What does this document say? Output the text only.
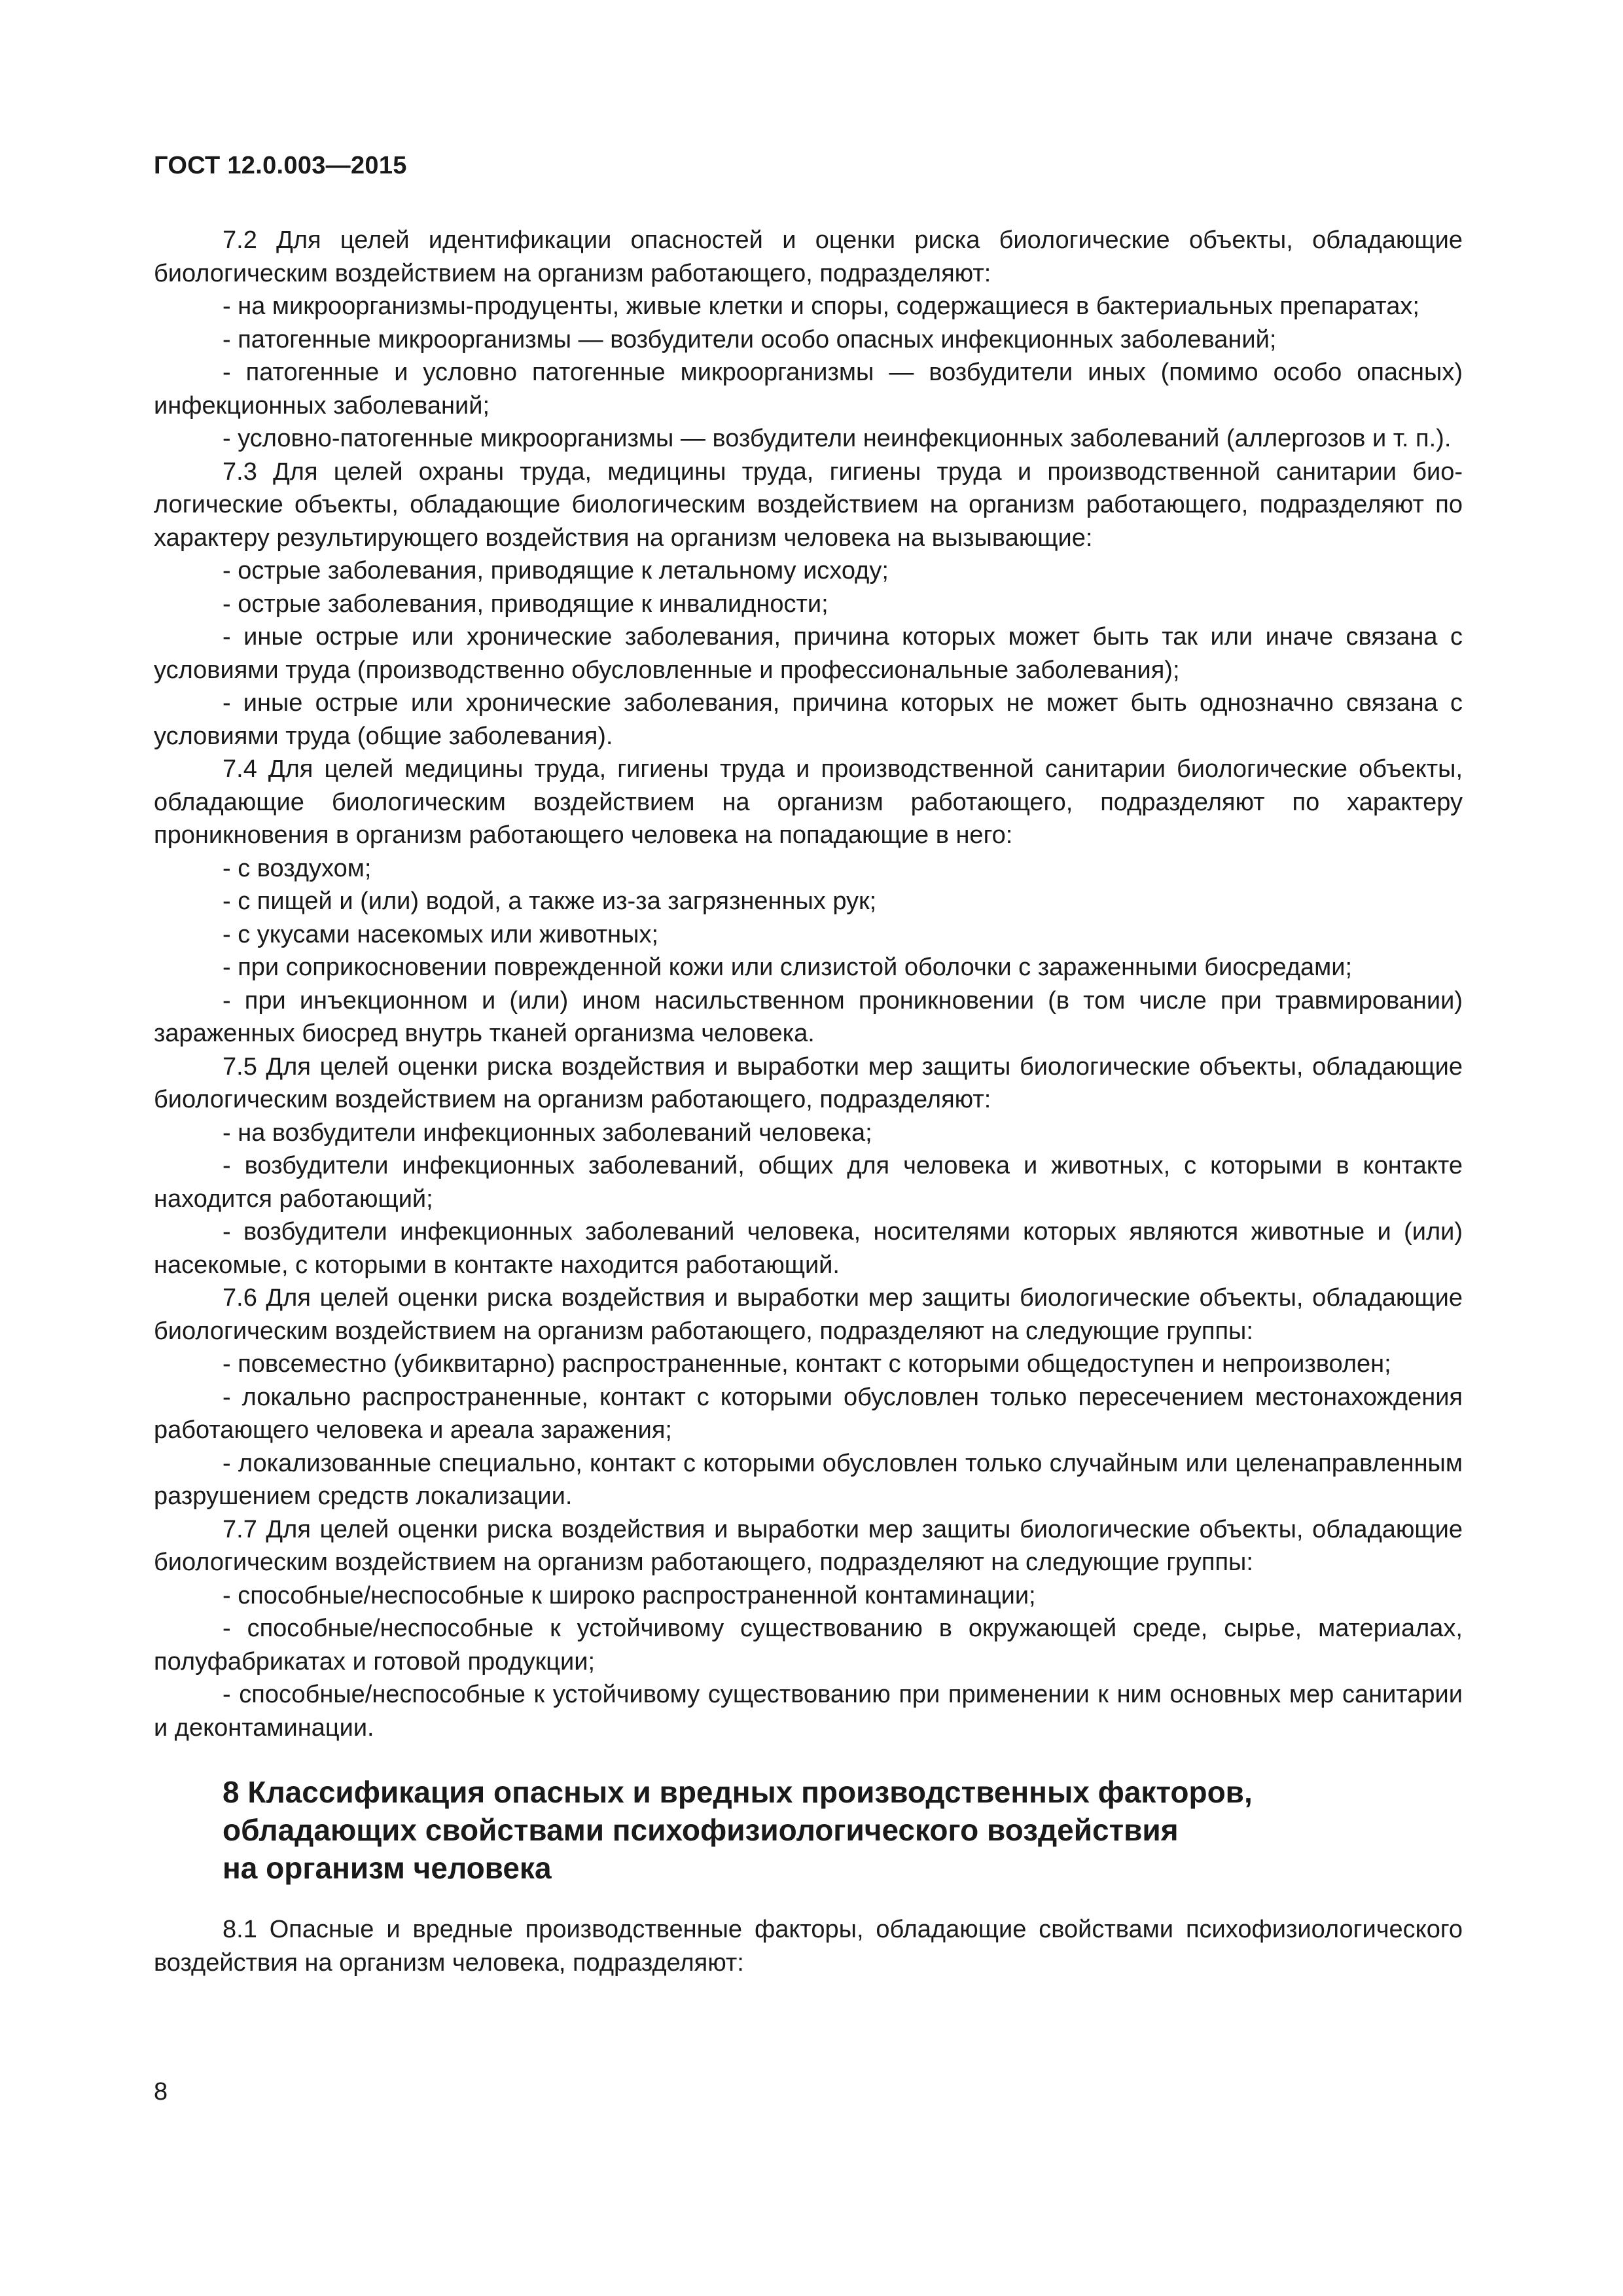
ГОСТ 12.0.003—2015

7.2 Для целей идентификации опасностей и оценки риска биологические объекты, обладающие биологическим воздействием на организм работающего, подразделяют:

- на микроорганизмы-продуценты, живые клетки и споры, содержащиеся в бактериальных препаратах;

- патогенные микроорганизмы — возбудители особо опасных инфекционных заболеваний;

- патогенные и условно патогенные микроорганизмы — возбудители иных (помимо особо опасных) инфекционных заболеваний;

- условно-патогенные микроорганизмы — возбудители неинфекционных заболеваний (аллергозов и т. п.).

7.3 Для целей охраны труда, медицины труда, гигиены труда и производственной санитарии биологические объекты, обладающие биологическим воздействием на организм работающего, подразделяют по характеру результирующего воздействия на организм человека на вызывающие:

- острые заболевания, приводящие к летальному исходу;

- острые заболевания, приводящие к инвалидности;

- иные острые или хронические заболевания, причина которых может быть так или иначе связана с условиями труда (производственно обусловленные и профессиональные заболевания);

- иные острые или хронические заболевания, причина которых не может быть однозначно связана с условиями труда (общие заболевания).

7.4 Для целей медицины труда, гигиены труда и производственной санитарии биологические объекты, обладающие биологическим воздействием на организм работающего, подразделяют по характеру проникновения в организм работающего человека на попадающие в него:

- с воздухом;

- с пищей и (или) водой, а также из-за загрязненных рук;

- с укусами насекомых или животных;

- при соприкосновении поврежденной кожи или слизистой оболочки с зараженными биосредами;

- при инъекционном и (или) ином насильственном проникновении (в том числе при травмировании) зараженных биосред внутрь тканей организма человека.

7.5 Для целей оценки риска воздействия и выработки мер защиты биологические объекты, обладающие биологическим воздействием на организм работающего, подразделяют:

- на возбудители инфекционных заболеваний человека;

- возбудители инфекционных заболеваний, общих для человека и животных, с которыми в контакте находится работающий;

- возбудители инфекционных заболеваний человека, носителями которых являются животные и (или) насекомые, с которыми в контакте находится работающий.

7.6 Для целей оценки риска воздействия и выработки мер защиты биологические объекты, обладающие биологическим воздействием на организм работающего, подразделяют на следующие группы:

- повсеместно (убиквитарно) распространенные, контакт с которыми общедоступен и непроизволен;

- локально распространенные, контакт с которыми обусловлен только пересечением местонахождения работающего человека и ареала заражения;

- локализованные специально, контакт с которыми обусловлен только случайным или целенаправленным разрушением средств локализации.

7.7 Для целей оценки риска воздействия и выработки мер защиты биологические объекты, обладающие биологическим воздействием на организм работающего, подразделяют на следующие группы:

- способные/неспособные к широко распространенной контаминации;

- способные/неспособные к устойчивому существованию в окружающей среде, сырье, материалах, полуфабрикатах и готовой продукции;

- способные/неспособные к устойчивому существованию при применении к ним основных мер санитарии и деконтаминации.

8 Классификация опасных и вредных производственных факторов,
обладающих свойствами психофизиологического воздействия
на организм человека

8.1 Опасные и вредные производственные факторы, обладающие свойствами психофизиологического воздействия на организм человека, подразделяют:

8
